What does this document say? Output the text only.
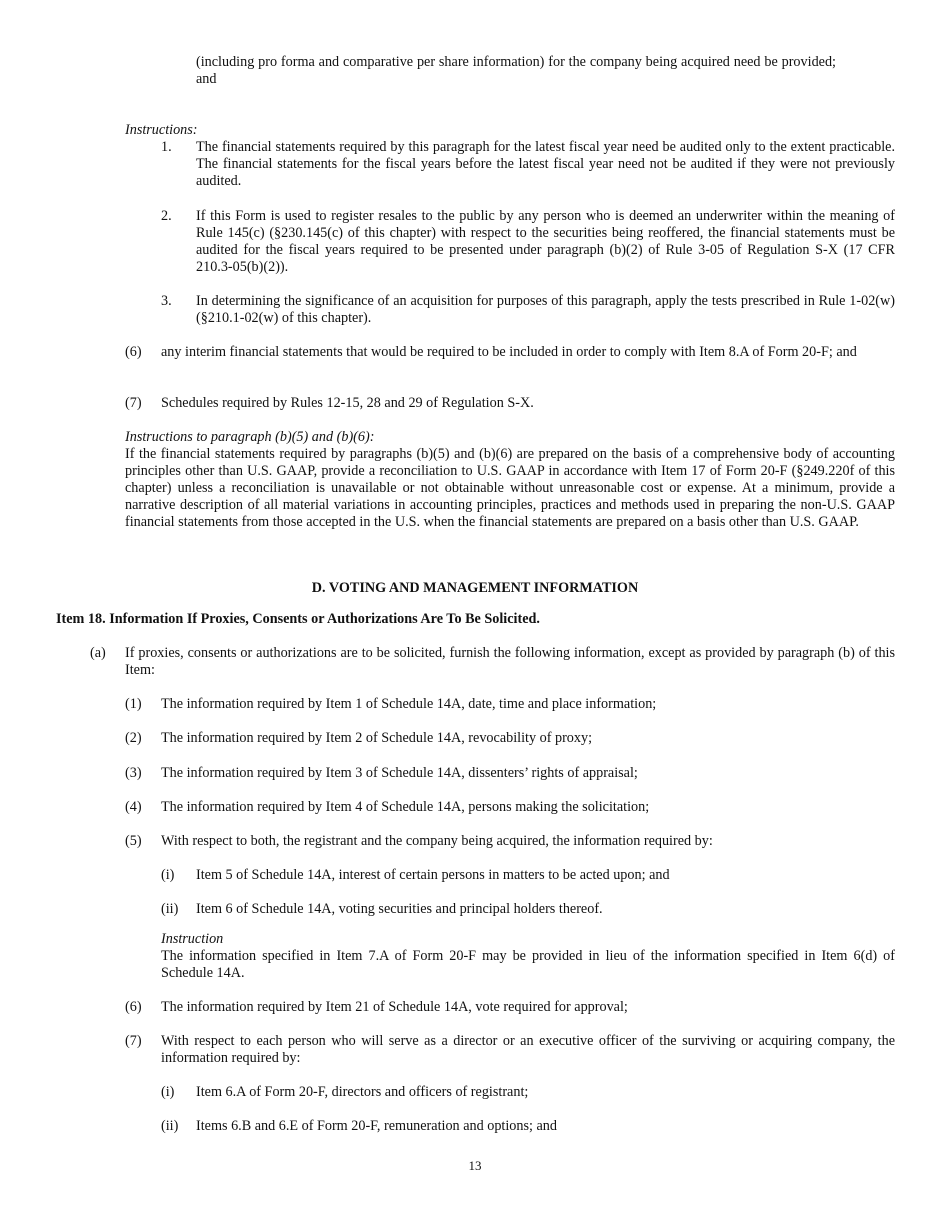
(including pro forma and comparative per share information) for the company being acquired need be provided; and
Instructions:
1. The financial statements required by this paragraph for the latest fiscal year need be audited only to the extent practicable. The financial statements for the fiscal years before the latest fiscal year need not be audited if they were not previously audited.
2. If this Form is used to register resales to the public by any person who is deemed an underwriter within the meaning of Rule 145(c) (§230.145(c) of this chapter) with respect to the securities being reoffered, the financial statements must be audited for the fiscal years required to be presented under paragraph (b)(2) of Rule 3-05 of Regulation S-X (17 CFR 210.3-05(b)(2)).
3. In determining the significance of an acquisition for purposes of this paragraph, apply the tests prescribed in Rule 1-02(w) (§210.1-02(w) of this chapter).
(6) any interim financial statements that would be required to be included in order to comply with Item 8.A of Form 20-F; and
(7) Schedules required by Rules 12-15, 28 and 29 of Regulation S-X.
Instructions to paragraph (b)(5) and (b)(6):
If the financial statements required by paragraphs (b)(5) and (b)(6) are prepared on the basis of a comprehensive body of accounting principles other than U.S. GAAP, provide a reconciliation to U.S. GAAP in accordance with Item 17 of Form 20-F (§249.220f of this chapter) unless a reconciliation is unavailable or not obtainable without unreasonable cost or expense. At a minimum, provide a narrative description of all material variations in accounting principles, practices and methods used in preparing the non-U.S. GAAP financial statements from those accepted in the U.S. when the financial statements are prepared on a basis other than U.S. GAAP.
D. VOTING AND MANAGEMENT INFORMATION
Item 18. Information If Proxies, Consents or Authorizations Are To Be Solicited.
(a) If proxies, consents or authorizations are to be solicited, furnish the following information, except as provided by paragraph (b) of this Item:
(1) The information required by Item 1 of Schedule 14A, date, time and place information;
(2) The information required by Item 2 of Schedule 14A, revocability of proxy;
(3) The information required by Item 3 of Schedule 14A, dissenters’ rights of appraisal;
(4) The information required by Item 4 of Schedule 14A, persons making the solicitation;
(5) With respect to both, the registrant and the company being acquired, the information required by:
(i) Item 5 of Schedule 14A, interest of certain persons in matters to be acted upon; and
(ii) Item 6 of Schedule 14A, voting securities and principal holders thereof.
Instruction
The information specified in Item 7.A of Form 20-F may be provided in lieu of the information specified in Item 6(d) of Schedule 14A.
(6) The information required by Item 21 of Schedule 14A, vote required for approval;
(7) With respect to each person who will serve as a director or an executive officer of the surviving or acquiring company, the information required by:
(i) Item 6.A of Form 20-F, directors and officers of registrant;
(ii) Items 6.B and 6.E of Form 20-F, remuneration and options; and
13
